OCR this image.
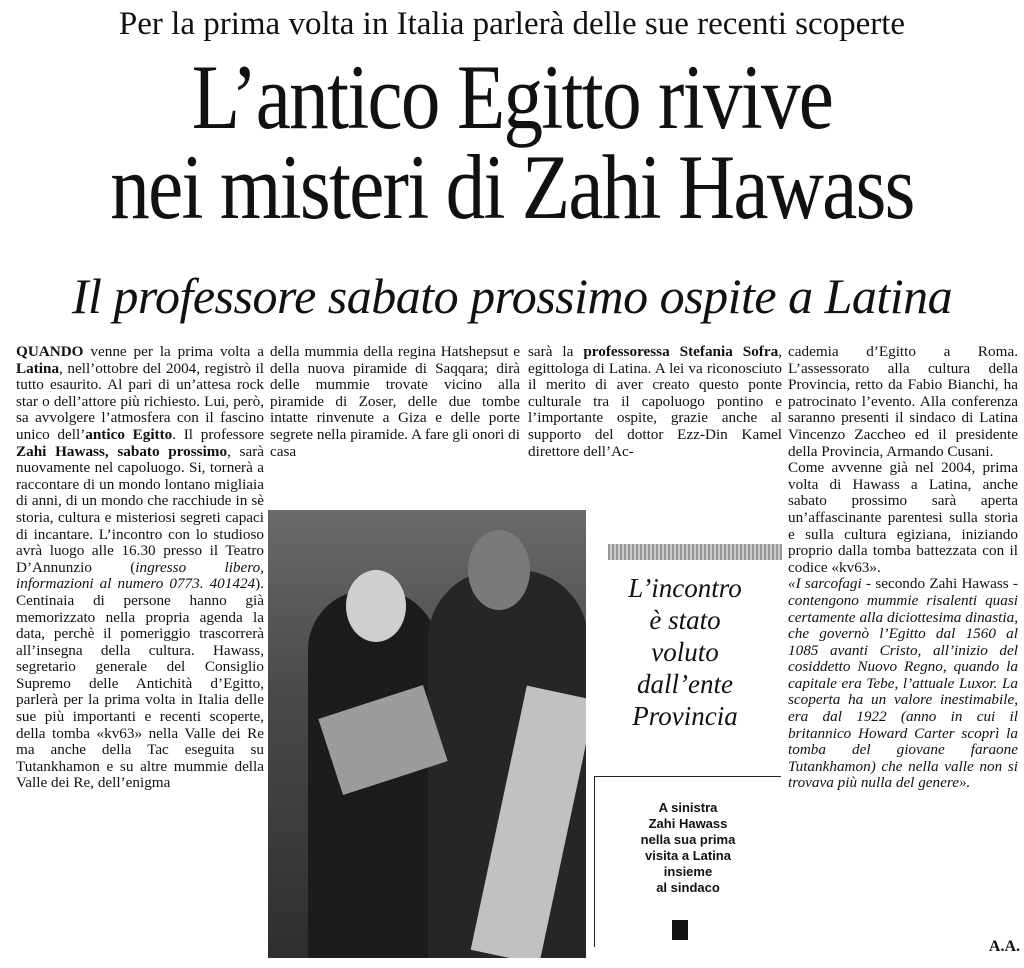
Per la prima volta in Italia parlerà delle sue recenti scoperte
L’antico Egitto rivive
nei misteri di Zahi Hawass
Il professore sabato prossimo ospite a Latina

QUANDO venne per la prima volta a Latina, nell’ottobre del 2004, registrò il tutto esaurito. Al pari di un’attesa rock star o dell’attore più richiesto. Lui, però, sa avvolgere l’atmosfera con il fascino unico dell’antico Egitto. Il professore Zahi Hawass, sabato prossimo, sarà nuovamente nel capoluogo. Si, tornerà a raccontare di un mondo lontano migliaia di anni, di un mondo che racchiude in sè storia, cultura e misteriosi segreti capaci di incantare. L’incontro con lo studioso avrà luogo alle 16.30 presso il Teatro D’Annunzio (ingresso libero, informazioni al numero 0773. 401424). Centinaia di persone hanno già memorizzato nella propria agenda la data, perchè il pomeriggio trascorrerà all’insegna della cultura. Hawass, segretario generale del Consiglio Supremo delle Antichità d’Egitto, parlerà per la prima volta in Italia delle sue più importanti e recenti scoperte, della tomba «kv63» nella Valle dei Re ma anche della Tac eseguita su Tutankhamon e su altre mummie della Valle dei Re, dell’enigma

della mummia della regina Hatshepsut e della nuova piramide di Saqqara; dirà delle mummie trovate vicino alla piramide di Zoser, delle due tombe intatte rinvenute a Giza e delle porte segrete nella piramide. A fare gli onori di casa

sarà la professoressa Stefania Sofra, egittologa di Latina. A lei va riconosciuto il merito di aver creato questo ponte culturale tra il capoluogo pontino e l’importante ospite, grazie anche al supporto del dottor Ezz-Din Kamel direttore dell’Ac-

cademia d’Egitto a Roma. L’assessorato alla cultura della Provincia, retto da Fabio Bianchi, ha patrocinato l’evento. Alla conferenza saranno presenti il sindaco di Latina Vincenzo Zaccheo ed il presidente della Provincia, Armando Cusani.

Come avvenne già nel 2004, prima volta di Hawass a Latina, anche sabato prossimo sarà aperta un’affascinante parentesi sulla storia e sulla cultura egiziana, iniziando proprio dalla tomba battezzata con il codice «kv63».

«I sarcofagi - secondo Zahi Hawass - contengono mummie risalenti quasi certamente alla diciottesima dinastia, che governò l’Egitto dal 1560 al 1085 avanti Cristo, all’inizio del cosiddetto Nuovo Regno, quando la capitale era Tebe, l’attuale Luxor. La scoperta ha un valore inestimabile, era dal 1922 (anno in cui il britannico Howard Carter scoprì la tomba del giovane faraone Tutankhamon) che nella valle non si trovava più nulla del genere».

L’incontro
è stato
voluto
dall’ente
Provincia
A sinistra
Zahi Hawass
nella sua prima
visita a Latina
insieme
al sindaco
A.A.
